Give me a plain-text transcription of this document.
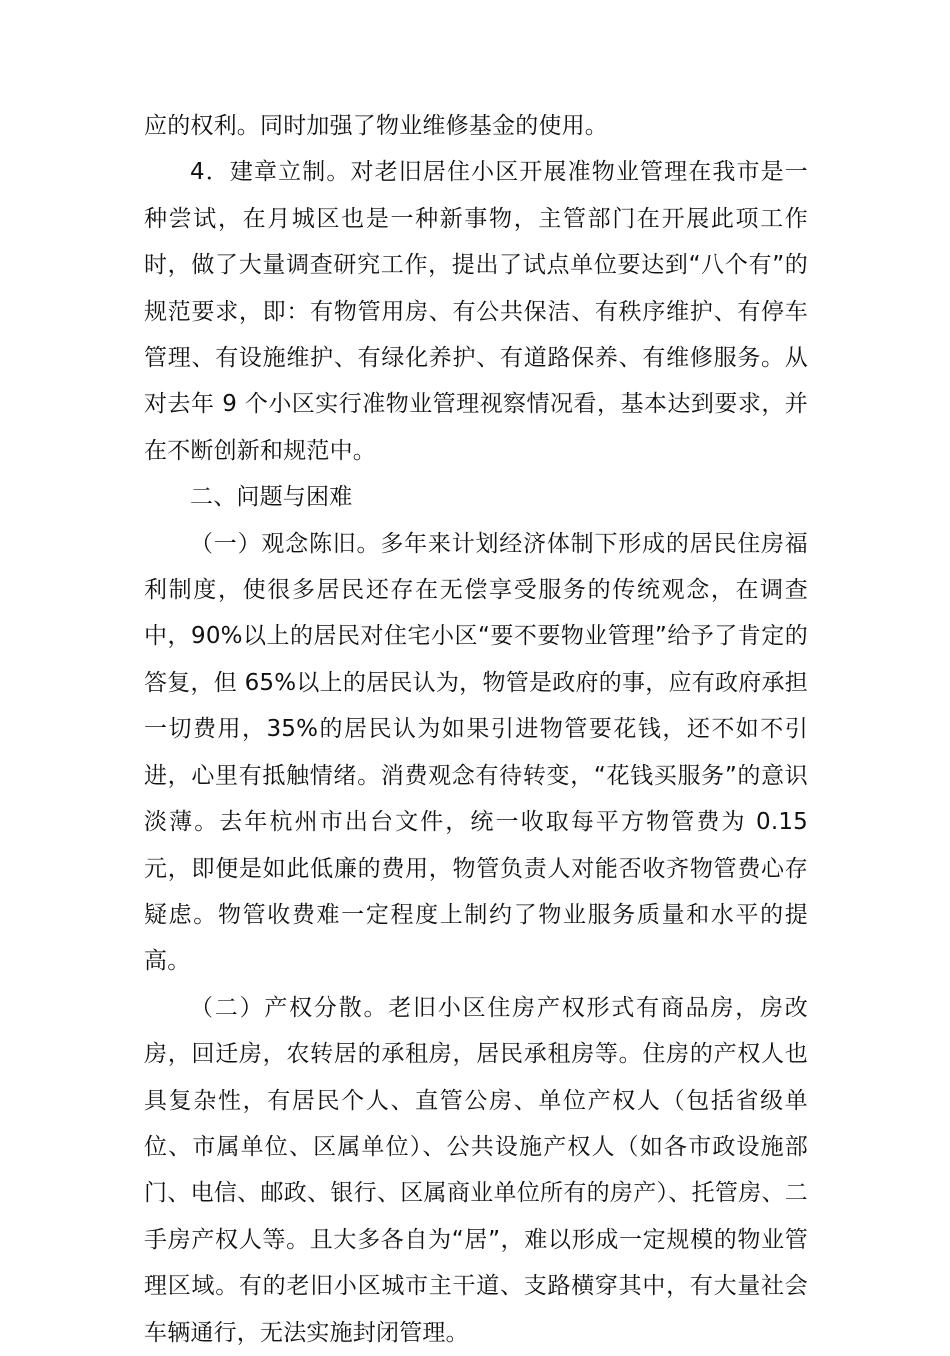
应的权利。同时加强了物业维修基金的使用。

4．建章立制。对老旧居住小区开展准物业管理在我市是一种尝试，在月城区也是一种新事物，主管部门在开展此项工作时，做了大量调查研究工作，提出了试点单位要达到“八个有”的规范要求，即：有物管用房、有公共保洁、有秩序维护、有停车管理、有设施维护、有绿化养护、有道路保养、有维修服务。从对去年 9 个小区实行准物业管理视察情况看，基本达到要求，并在不断创新和规范中。

二、问题与困难

（一）观念陈旧。多年来计划经济体制下形成的居民住房福利制度，使很多居民还存在无偿享受服务的传统观念，在调查中，90%以上的居民对住宅小区“要不要物业管理”给予了肯定的答复，但 65%以上的居民认为，物管是政府的事，应有政府承担一切费用，35%的居民认为如果引进物管要花钱，还不如不引进，心里有抵触情绪。消费观念有待转变，“花钱买服务”的意识淡薄。去年杭州市出台文件，统一收取每平方物管费为 0.15 元，即便是如此低廉的费用，物管负责人对能否收齐物管费心存疑虑。物管收费难一定程度上制约了物业服务质量和水平的提高。

（二）产权分散。老旧小区住房产权形式有商品房，房改房，回迁房，农转居的承租房，居民承租房等。住房的产权人也具复杂性，有居民个人、直管公房、单位产权人（包括省级单位、市属单位、区属单位）、公共设施产权人（如各市政设施部门、电信、邮政、银行、区属商业单位所有的房产）、托管房、二手房产权人等。且大多各自为“居”，难以形成一定规模的物业管理区域。有的老旧小区城市主干道、支路横穿其中，有大量社会车辆通行，无法实施封闭管理。
